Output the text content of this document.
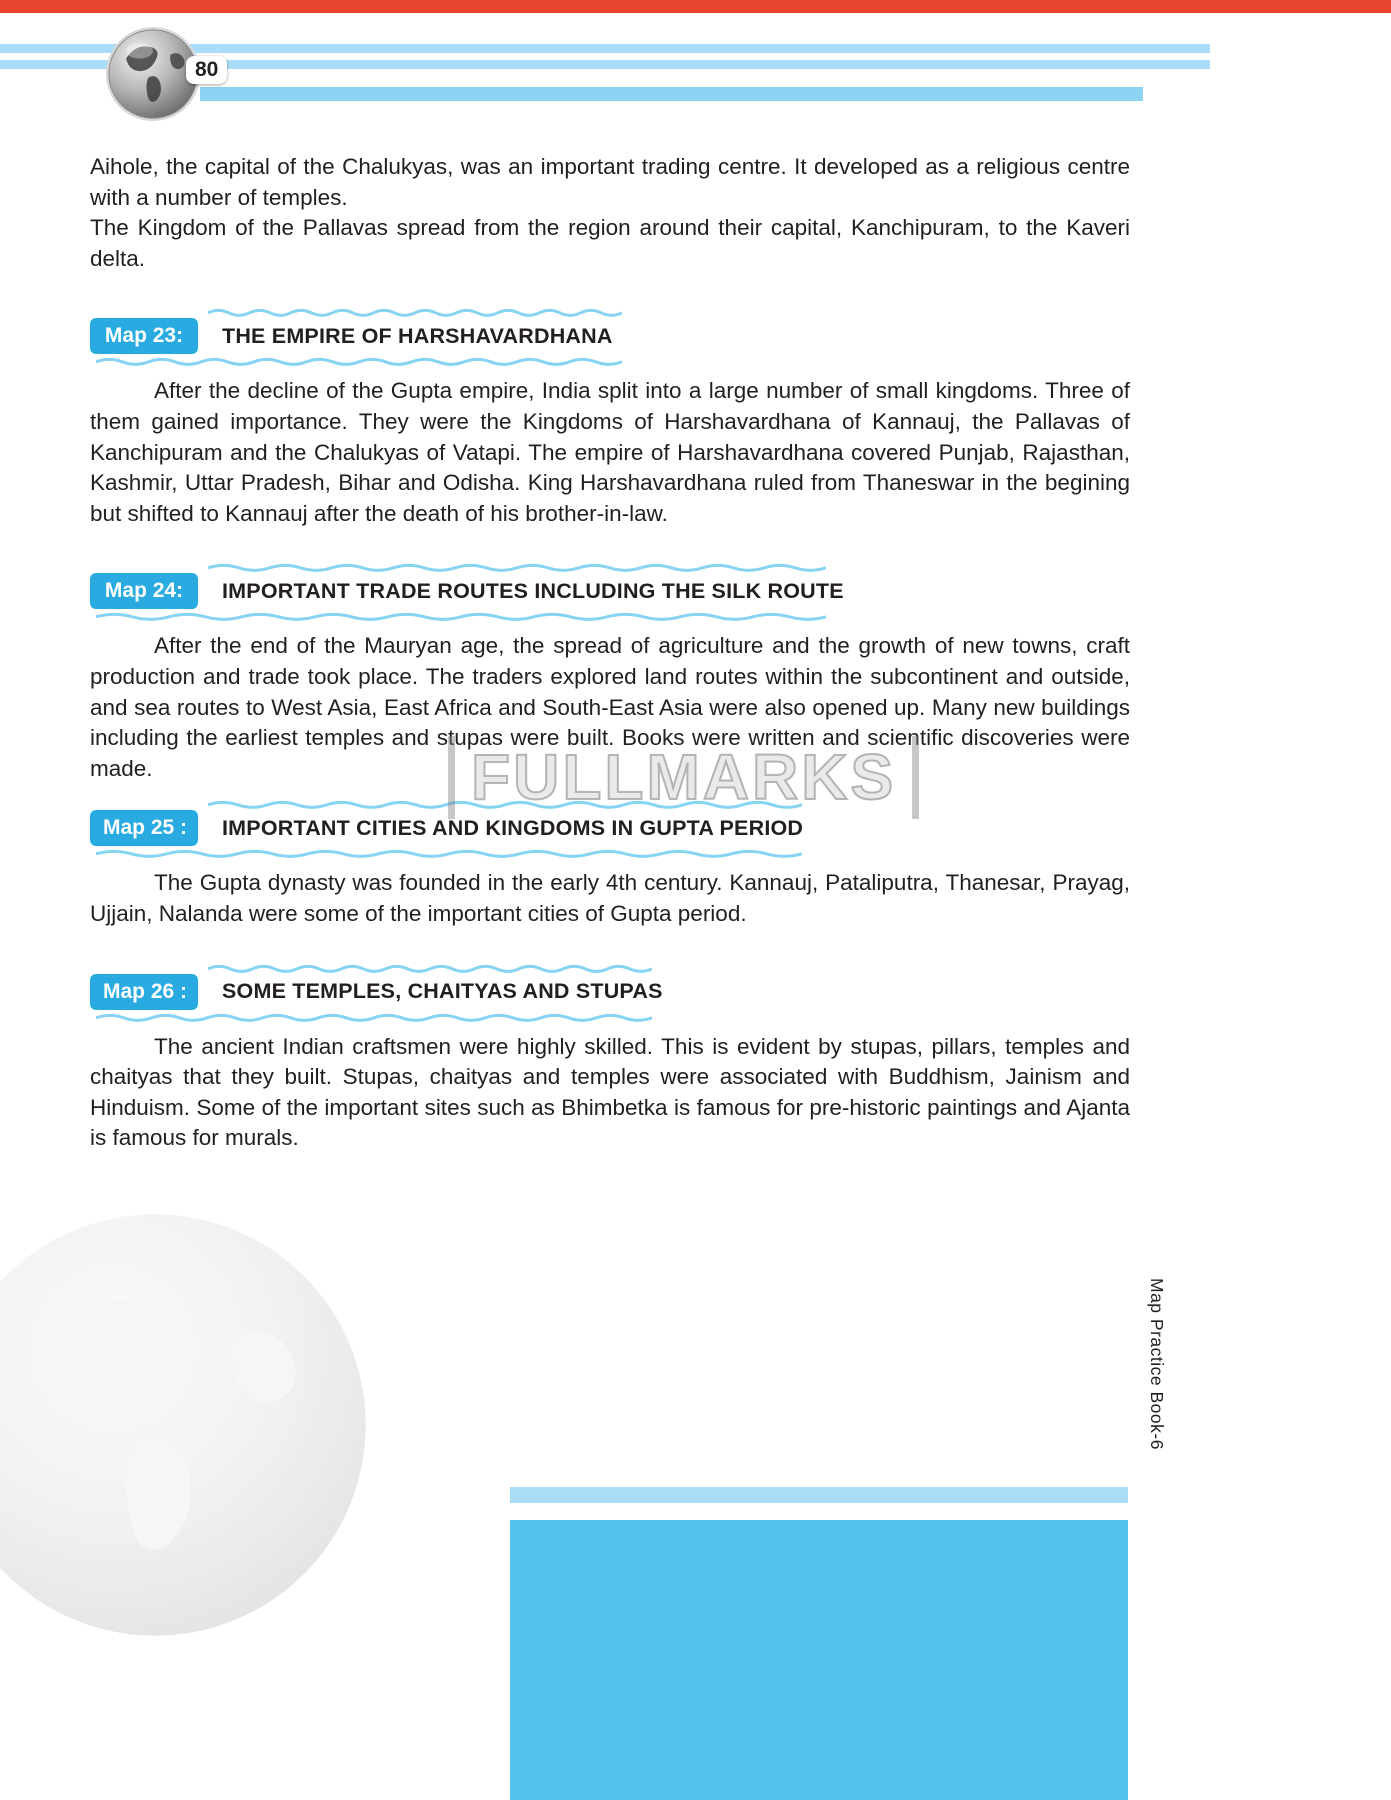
80

Aihole, the capital of the Chalukyas, was an important trading centre. It developed as a religious centre with a number of temples.

The Kingdom of the Pallavas spread from the region around their capital, Kanchipuram, to the Kaveri delta.

Map 23:	THE EMPIRE OF HARSHAVARDHANA

After the decline of the Gupta empire, India split into a large number of small kingdoms. Three of them gained importance. They were the Kingdoms of Harshavardhana of Kannauj, the Pallavas of Kanchipuram and the Chalukyas of Vatapi. The empire of Harshavardhana covered Punjab, Rajasthan, Kashmir, Uttar Pradesh, Bihar and Odisha. King Harshavardhana ruled from Thaneswar in the begining but shifted to Kannauj after the death of his brother-in-law.

Map 24:	IMPORTANT TRADE ROUTES INCLUDING THE SILK ROUTE

After the end of the Mauryan age, the spread of agriculture and the growth of new towns, craft production and trade took place. The traders explored land routes within the subcontinent and outside, and sea routes to West Asia, East Africa and South-East Asia were also opened up. Many new buildings including the earliest temples and stupas were built. Books were written and scientific discoveries were made.

Map 25 :	IMPORTANT CITIES AND KINGDOMS IN GUPTA PERIOD

The Gupta dynasty was founded in the early 4th century. Kannauj, Pataliputra, Thanesar, Prayag, Ujjain, Nalanda were some of the important cities of Gupta period.

Map 26 :	SOME TEMPLES, CHAITYAS AND STUPAS

The ancient Indian craftsmen were highly skilled. This is evident by stupas, pillars, temples and chaityas that they built. Stupas, chaityas and temples were associated with Buddhism, Jainism and Hinduism. Some of the important sites such as Bhimbetka is famous for pre-historic paintings and Ajanta is famous for murals.

FULLMARKS
Map Practice Book-6
